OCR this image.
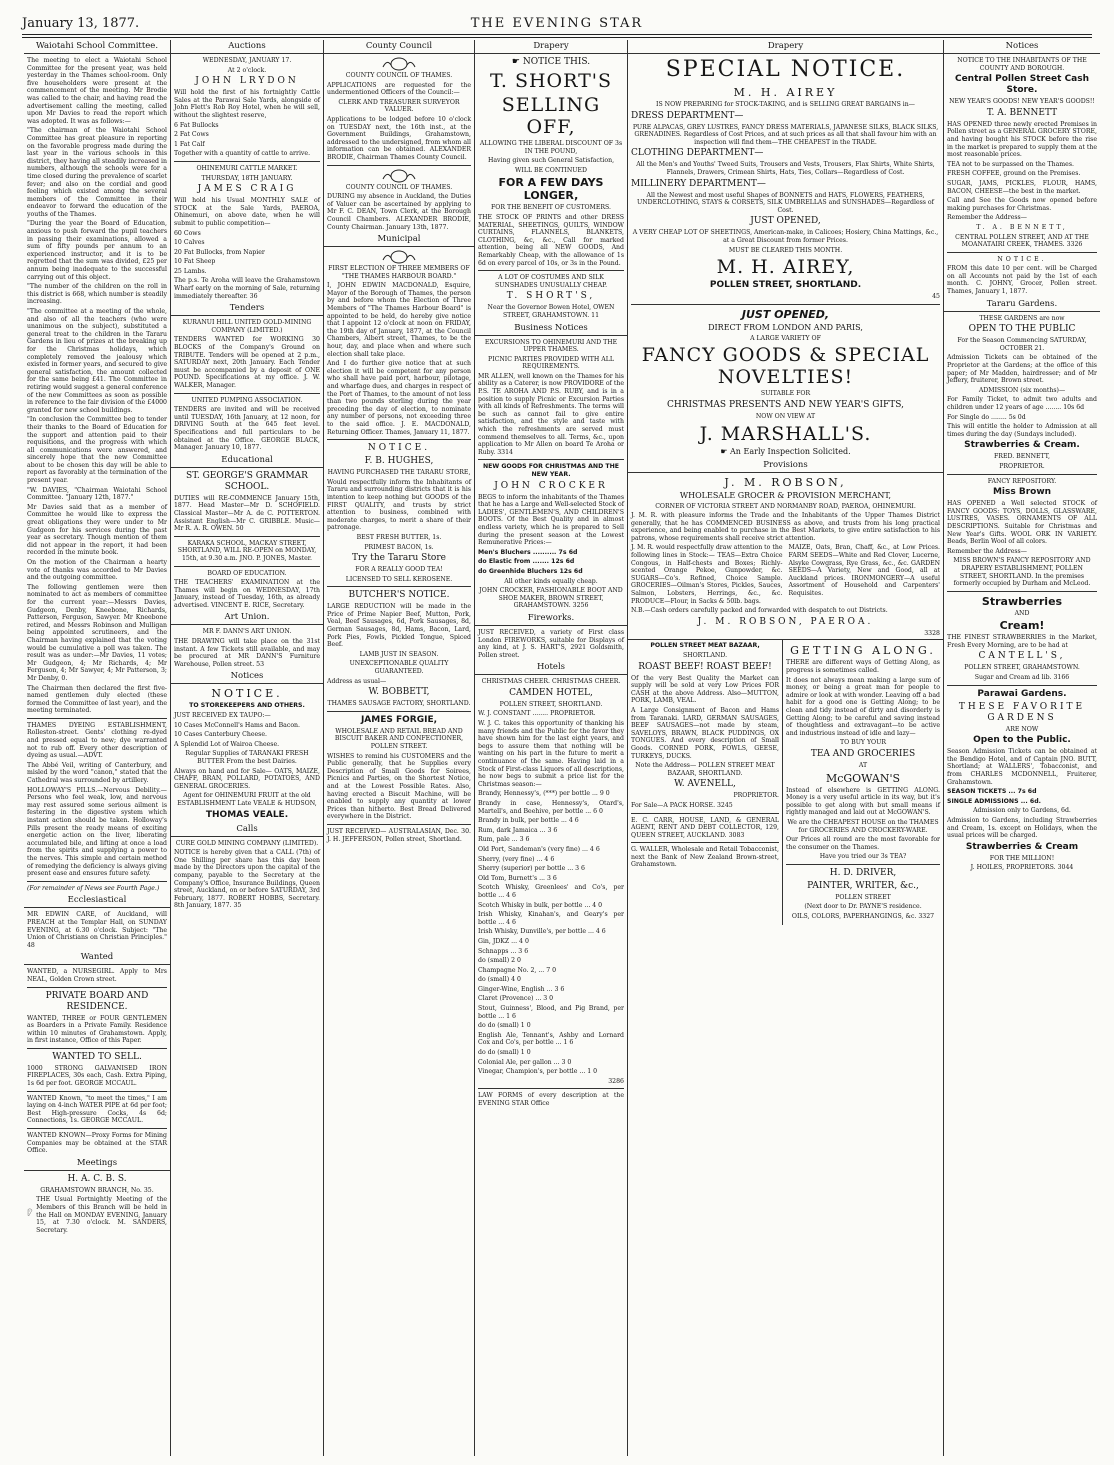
January 13, 1877.	THE EVENING STAR
Waiotahi School Committee.

The meeting to elect a Waiotahi School Committee for the present year, was held yesterday in the Thames school-room. Only five householders were present at the commencement of the meeting. Mr Brodie was called to the chair, and having read the advertisement calling the meeting, called upon Mr Davies to read the report which was adopted. It was as follows:—

"The chairman of the Waiotahi School Committee has great pleasure in reporting on the favorable progress made during the last year in the various schools in this district, they having all steadily increased in numbers, although the schools were for a time closed during the prevalence of scarlet fever; and also on the cordial and good feeling which existed among the several members of the Committee in their endeavor to forward the education of the youths of the Thames.

"During the year the Board of Education, anxious to push forward the pupil teachers in passing their examinations, allowed a sum of fifty pounds per annum to an experienced instructor, and it is to be regretted that the sum was divided, £25 per annum being inadequate to the successful carrying out of this object.

"The number of the children on the roll in this district is 668, which number is steadily increasing.

"The committee at a meeting of the whole, and also of all the teachers (who were unanimous on the subject), substituted a general treat to the children in the Tararu Gardens in lieu of prizes at the breaking up for the Christmas holidays, which completely removed the jealousy which existed in former years, and secured to give general satisfaction, the amount collected for the same being £41. The Committee in retiring would suggest a general conference of the new Committees as soon as possible in reference to the fair division of the £4000 granted for new school buildings.

"In conclusion the Committee beg to tender their thanks to the Board of Education for the support and attention paid to their requisitions, and the progress with which all communications were answered, and sincerely hope that the new Committee about to be chosen this day will be able to report as favorably at the termination of the present year.

"W. DAVIES, "Chairman Waiotahi School Committee. "January 12th, 1877."

Mr Davies said that as a member of Committee he would like to express the great obligations they were under to Mr Gudgeon for his services during the past year as secretary. Though mention of them did not appear in the report, it had been recorded in the minute book.

On the motion of the Chairman a hearty vote of thanks was accorded to Mr Davies and the outgoing committee.

The following gentlemen were then nominated to act as members of committee for the current year:—Messrs Davies, Gudgeon, Denby, Kneebone, Richards, Patterson, Ferguson, Sawyer. Mr Kneebone retired, and Messrs Robinson and Mulligan being appointed scrutineers, and the Chairman having explained that the voting would be cumulative a poll was taken. The result was as under:—Mr Davies, 11 votes; Mr Gudgeon, 4; Mr Richards, 4; Mr Ferguson, 4; Mr Sawyer, 4; Mr Patterson, 3; Mr Denby, 0.

The Chairman then declared the first five-named gentlemen duly elected (these formed the Committee of last year), and the meeting terminated.

THAMES DYEING ESTABLISHMENT, Rolleston-street. Gents' clothing re-dyed and pressed equal to new; dye warranted not to rub off. Every other description of dyeing as usual.—ADVT.

The Abbé Veil, writing of Canterbury, and misled by the word "canon," stated that the Cathedral was surrounded by artillery.

HOLLOWAY'S PILLS.—Nervous Debility.—Persons who feel weak, low, and nervous may rest assured some serious ailment is festering in the digestive system which instant action should be taken. Holloway's Pills present the ready means of exciting energetic action on the liver, liberating accumulated bile, and lifting at once a load from the spirits and supplying a power to the nerves. This simple and certain method of remedying the deficiency is always giving present ease and ensures future safety.

(For remainder of News see Fourth Page.)

Ecclesiastical

MR EDWIN CARE, of Auckland, will PREACH at the Templar Hall, on SUNDAY EVENING, at 6.30 o'clock. Subject: "The Union of Christians on Christian Principles." 48

Wanted

WANTED, a NURSEGIRL. Apply to Mrs NEAL, Golden Crown street.

PRIVATE BOARD AND RESIDENCE.

WANTED, THREE or FOUR GENTLEMEN as Boarders in a Private Family. Residence within 10 minutes of Grahamstown. Apply, in first instance, Office of this Paper.

WANTED TO SELL.

1000 STRONG GALVANISED IRON FIREPLACES, 30s each, Cash. Extra Piping, 1s 6d per foot. GEORGE MCCAUL.

WANTED Known, "to meet the times," I am laying on 4-inch WATER PIPE at 6d per foot; Best High-pressure Cocks, 4s 6d; Connections, 1s. GEORGE MCCAUL.

WANTED KNOWN—Proxy Forms for Mining Companies may be obtained at the STAR Office.

Meetings
H. A. C. B. S.

GRAHAMSTOWN BRANCH, No. 35.

THE Usual Fortnightly Meeting of the Members of this Branch will be held in the Hall on MONDAY EVENING, January 15, at 7.30 o'clock. M. SANDERS, Secretary.

Auctions

WEDNESDAY, JANUARY 17.

At 2 o'clock.

JOHN LRYDON

Will hold the first of his fortnightly Cattle Sales at the Parawai Sale Yards, alongside of John Flett's Rob Roy Hotel, when he will sell, without the slightest reserve,

6 Fat Bullocks

2 Fat Cows

1 Fat Calf

Together with a quantity of cattle to arrive.

OHINEMURI CATTLE MARKET.

THURSDAY, 18TH JANUARY.

JAMES CRAIG

Will hold his Usual MONTHLY SALE of STOCK at the Sale Yards, PAEROA, Ohinemuri, on above date, when he will submit to public competition—

60 Cows

10 Calves

20 Fat Bullocks, from Napier

10 Fat Sheep

25 Lambs.

The p.s. Te Aroha will leave the Grahamstown Wharf early on the morning of Sale, returning immediately thereafter. 36

Tenders

KURANUI HILL UNITED GOLD-MINING COMPANY (LIMITED.)

TENDERS WANTED for WORKING 30 BLOCKS of the Company's Ground on TRIBUTE. Tenders will be opened at 2 p.m., SATURDAY next, 20th January. Each Tender must be accompanied by a deposit of ONE POUND. Specifications at my office. J. W. WALKER, Manager.

UNITED PUMPING ASSOCIATION.

TENDERS are invited and will be received until TUESDAY, 16th January, at 12 noon, for DRIVING South at the 645 feet level. Specifications and full particulars to be obtained at the Office. GEORGE BLACK, Manager. January 10, 1877.

Educational
ST. GEORGE'S GRAMMAR SCHOOL.

DUTIES will RE-COMMENCE January 15th, 1877. Head Master—Mr D. SCHOFIELD. Classical Master—Mr A. de C. POTTERTON. Assistant English—Mr C. GRIBBLE. Music—Mr R. A. R. OWEN. 50

KARAKA SCHOOL, MACKAY STREET, SHORTLAND, WILL RE-OPEN on MONDAY, 15th, at 9.30 a.m. JNO. P. JONES, Master.

BOARD OF EDUCATION.

THE TEACHERS' EXAMINATION at the Thames will begin on WEDNESDAY, 17th January, instead of Tuesday, 16th, as already advertised. VINCENT E. RICE, Secretary.

Art Union.

MR F. DANN'S ART UNION.

THE DRAWING will take place on the 31st instant. A few Tickets still available, and may be procured at MR DANN'S Furniture Warehouse, Pollen street. 53

Notices
NOTICE.

TO STOREKEEPERS AND OTHERS.

JUST RECEIVED EX TAUPO:—

10 Cases McConnell's Hams and Bacon.

10 Cases Canterbury Cheese.

A Splendid Lot of Wairoa Cheese.

Regular Supplies of TARANAKI FRESH BUTTER From the best Dairies.

Always on hand and for Sale— OATS, MAIZE, CHAFF, BRAN, POLLARD, POTATOES, AND GENERAL GROCERIES.

Agent for OHINEMURI FRUIT at the old ESTABLISHMENT Late VEALE & HUDSON,

THOMAS VEALE.
Calls

CURE GOLD MINING COMPANY (LIMITED).

NOTICE is hereby given that a CALL (7th) of One Shilling per share has this day been made by the Directors upon the capital of the company, payable to the Secretary at the Company's Office, Insurance Buildings, Queen street, Auckland, on or before SATURDAY, 3rd February, 1877. ROBERT HOBBS, Secretary. 8th January, 1877. 35

County Council

COUNTY COUNCIL OF THAMES.

APPLICATIONS are requested for the undermentioned Officers of the Council:—

CLERK AND TREASURER SURVEYOR VALUER.

Applications to be lodged before 10 o'clock on TUESDAY next, the 16th inst., at the Government Buildings, Grahamstown, addressed to the undersigned, from whom all information can be obtained. ALEXANDER BRODIE, Chairman Thames County Council.

COUNTY COUNCIL OF THAMES.

DURING my absence in Auckland, the Duties of Valuer can be ascertained by applying to Mr F. C. DEAN, Town Clerk, at the Borough Council Chambers. ALEXANDER BRODIE, County Chairman. January 13th, 1877.

Municipal

FIRST ELECTION OF THREE MEMBERS OF "THE THAMES HARBOUR BOARD."

I, JOHN EDWIN MACDONALD, Esquire, Mayor of the Borough of Thames, the person by and before whom the Election of Three Members of "The Thames Harbour Board" is appointed to be held, do hereby give notice that I appoint 12 o'clock at noon on FRIDAY, the 19th day of January, 1877, at the Council Chambers, Albert street, Thames, to be the hour, day, and place when and where such election shall take place.

And I do further give notice that at such election it will be competent for any person who shall have paid port, harbour, pilotage, and wharfage dues, and charges in respect of the Port of Thames, to the amount of not less than two pounds sterling during the year preceding the day of election, to nominate any number of persons, not exceeding three to the said office. J. E. MACDONALD, Returning Officer. Thames, January 11, 1877.

NOTICE.
F. B. HUGHES,

HAVING PURCHASED THE TARARU STORE,

Would respectfully inform the Inhabitants of Tararu and surrounding districts that it is his intention to keep nothing but GOODS of the FIRST QUALITY, and trusts by strict attention to business, combined with moderate charges, to merit a share of their patronage.

BEST FRESH BUTTER, 1s.

PRIMEST BACON, 1s.

Try the Tararu Store

FOR A REALLY GOOD TEA!

LICENSED TO SELL KEROSENE.

BUTCHER'S NOTICE.

LARGE REDUCTION will be made in the Price of Prime Napier Beef, Mutton, Pork, Veal, Beef Sausages, 6d, Pork Sausages, 8d, German Sausages, 8d, Hams, Bacon, Lard, Pork Pies, Fowls, Pickled Tongue, Spiced Beef.

LAMB JUST IN SEASON.

UNEXCEPTIONABLE QUALITY GUARANTEED.

Address as usual—

W. BOBBETT,

THAMES SAUSAGE FACTORY, SHORTLAND.

JAMES FORGIE,

WHOLESALE AND RETAIL BREAD AND BISCUIT BAKER AND CONFECTIONER, POLLEN STREET.

WISHES to remind his CUSTOMERS and the Public generally, that he Supplies every Description of Small Goods for Soirees, Picnics and Parties, on the Shortest Notice, and at the Lowest Possible Rates. Also, having erected a Biscuit Machine, will be enabled to supply any quantity at lower Prices than hitherto. Best Bread Delivered everywhere in the District.

JUST RECEIVED— AUSTRALASIAN, Dec. 30. J. H. JEFFERSON, Pollen street, Shortland.

Drapery
☛ NOTICE THIS.
T. SHORT'S
SELLING OFF,

ALLOWING THE LIBERAL DISCOUNT OF 3s IN THE POUND,

Having given such General Satisfaction,

WILL BE CONTINUED

FOR A FEW DAYS LONGER,

FOR THE BENEFIT OF CUSTOMERS.

THE STOCK OF PRINTS and other DRESS MATERIAL, SHEETINGS, QUILTS, WINDOW CURTAINS, FLANNELS, BLANKETS, CLOTHING, &c, &c., Call for marked attention, being all NEW GOODS, And Remarkably Cheap, with the allowance of 1s 6d on every parcel of 10s, or 3s in the Pound.

A LOT OF COSTUMES AND SILK SUNSHADES UNUSUALLY CHEAP.

T. SHORT'S,

Near the Governor Bowen Hotel, OWEN STREET, GRAHAMSTOWN. 11

Business Notices

EXCURSIONS TO OHINEMURI AND THE UPPER THAMES.

PICNIC PARTIES PROVIDED WITH ALL REQUIREMENTS.

MR ALLEN, well known on the Thames for his ability as a Caterer, is now PROVIDORE of the P.S. TE AROHA AND P.S. RUBY, and is in a position to supply Picnic or Excursion Parties with all kinds of Refreshments. The terms will be such as cannot fail to give entire satisfaction, and the style and taste with which the refreshments are served must commend themselves to all. Terms, &c., upon application to Mr Allen on board Te Aroha or Ruby. 3314

NEW GOODS FOR CHRISTMAS AND THE NEW YEAR.

JOHN CROCKER

BEGS to inform the inhabitants of the Thames that he has a Large and Well-selected Stock of LADIES', GENTLEMEN'S, AND CHILDREN'S BOOTS. Of the Best Quality and in almost endless variety, which he is prepared to Sell during the present season at the Lowest Remunerative Prices:—

Men's Bluchers .......... 7s 6d

do Elastic from ....... 12s 6d

do Greenhide Bluchers 12s 6d

All other kinds equally cheap.

JOHN CROCKER, FASHIONABLE BOOT AND SHOE MAKER, BROWN STREET, GRAHAMSTOWN. 3256

Fireworks.

JUST RECEIVED, a variety of First class London FIREWORKS, suitable for Displays of any kind, at J. S. HART'S, 2921 Goldsmith, Pollen street.

Hotels

CHRISTMAS CHEER. CHRISTMAS CHEER.

CAMDEN HOTEL,

POLLEN STREET, SHORTLAND.

W. J. CONSTANT ........ PROPRIETOR.

W. J. C. takes this opportunity of thanking his many friends and the Public for the favor they have shown him for the last eight years, and begs to assure them that nothing will be wanting on his part in the future to merit a continuance of the same. Having laid in a Stock of First-class Liquors of all descriptions, he now begs to submit a price list for the Christmas season:—

Brandy, Hennessy's, (***) per bottle ... 9 0

Brandy in case, Hennessy's, Otard's, Martell's, and Beehive, per bottle ... 6 0

Brandy in bulk, per bottle ... 4 6

Rum, dark Jamaica ... 3 6

Rum, pale ... 3 6

Old Port, Sandeman's (very fine) ... 4 6

Sherry, (very fine) ... 4 6

Sherry (superior) per bottle ... 3 6

Old Tom, Burnett's ... 3 6

Scotch Whisky, Greenlees' and Co's, per bottle ... 4 6

Scotch Whisky in bulk, per bottle ... 4 0

Irish Whisky, Kinahan's, and Geary's per bottle ... 4 6

Irish Whisky, Dunville's, per bottle ... 4 6

Gin, JDKZ ... 4 0

Schnapps ... 3 6

do (small) 2 0

Champagne No. 2, ... 7 0

do (small) 4 0

Ginger-Wine, English ... 3 6

Claret (Provence) ... 3 0

Stout, Guinness', Blood, and Pig Brand, per bottle ... 1 6

do do (small) 1 0

English Ale, Tennant's, Ashby and Lornard Cox and Co's, per bottle ... 1 6

do do (small) 1 0

Colonial Ale, per gallon ... 3 0

Vinegar, Champion's, per bottle ... 1 0

3286

LAW FORMS of every description at the EVENING STAR Office

Drapery
SPECIAL NOTICE.
M. H. AIREY

IS NOW PREPARING for STOCK-TAKING, and is SELLING GREAT BARGAINS in—

DRESS DEPARTMENT—

PURE ALPACAS, GREY LUSTRES, FANCY DRESS MATERIALS, JAPANESE SILKS, BLACK SILKS, GRENADINES. Regardless of Cost Prices, and at such prices as all that shall favour him with an inspection will find them—THE CHEAPEST in the TRADE.

CLOTHING DEPARTMENT—

All the Men's and Youths' Tweed Suits, Trousers and Vests, Trousers, Flax Shirts, White Shirts, Flannels, Drawers, Crimean Shirts, Hats, Ties, Collars—Regardless of Cost.

MILLINERY DEPARTMENT—

All the Newest and most useful Shapes of BONNETS and HATS, FLOWERS, FEATHERS, UNDERCLOTHING, STAYS & CORSETS, SILK UMBRELLAS and SUNSHADES—Regardless of Cost.

JUST OPENED,

A VERY CHEAP LOT OF SHEETINGS, American-make, in Calicoes; Hosiery, China Mattings, &c., at a Great Discount from former Prices.

MUST BE CLEARED THIS MONTH.

M. H. AIREY,
POLLEN STREET, SHORTLAND.

45

JUST OPENED,

DIRECT FROM LONDON AND PARIS,

A LARGE VARIETY OF

FANCY GOODS & SPECIAL NOVELTIES!

SUITABLE FOR

CHRISTMAS PRESENTS AND NEW YEAR'S GIFTS,

NOW ON VIEW AT

J. MARSHALL'S.

☛ An Early Inspection Solicited.

Provisions
J. M. ROBSON,

WHOLESALE GROCER & PROVISION MERCHANT,

CORNER OF VICTORIA STREET AND NORMANBY ROAD, PAEROA, OHINEMURI.

J. M. R. with pleasure informs the Trade and the Inhabitants of the Upper Thames District generally, that he has COMMENCED BUSINESS as above, and trusts from his long practical experience, and being enabled to purchase in the Best Markets, to give entire satisfaction to his patrons, whose requirements shall receive strict attention.

J. M. R. would respectfully draw attention to the following lines in Stock:— TEAS—Extra Choice Congous, in Half-chests and Boxes; Richly-scented Orange Pekoe, Gunpowder, &c. SUGARS—Co's. Refined, Choice Sample. GROCERIES—Oilman's Stores, Pickles, Sauces, Salmon, Lobsters, Herrings, &c., &c. PRODUCE—Flour, in Sacks & 50lb. bags.

MAIZE, Oats, Bran, Chaff, &c., at Low Prices. FARM SEEDS—White and Red Clover, Lucerne, Alsyke Cowgrass, Rye Grass, &c., &c. GARDEN SEEDS—A Variety, New and Good, all at Auckland prices. IRONMONGERY—A useful Assortment of Household and Carpenters' Requisites.

N.B.—Cash orders carefully packed and forwarded with despatch to out Districts.

J. M. ROBSON, PAEROA.

3328

POLLEN STREET MEAT BAZAAR,

SHORTLAND.

ROAST BEEF! ROAST BEEF!

Of the very Best Quality the Market can supply will be sold at very Low Prices FOR CASH at the above Address. Also—MUTTON, PORK, LAMB, VEAL.

A Large Consignment of Bacon and Hams from Taranaki. LARD, GERMAN SAUSAGES, BEEF SAUSAGES—not made by steam, SAVELOYS, BRAWN, BLACK PUDDINGS, OX TONGUES. And every description of Small Goods. CORNED PORK, FOWLS, GEESE, TURKEYS, DUCKS.

Note the Address— POLLEN STREET MEAT BAZAAR, SHORTLAND.

W. AVENELL,

PROPRIETOR.

For Sale—A PACK HORSE. 3245

E. C. CARR, HOUSE, LAND, & GENERAL AGENT, RENT AND DEBT COLLECTOR, 129, QUEEN STREET, AUCKLAND. 3083

G. WALLER, Wholesale and Retail Tobacconist, next the Bank of New Zealand Brown-street, Grahamstown.

GETTING ALONG.

THERE are different ways of Getting Along, as progress is sometimes called.

It does not always mean making a large sum of money, or being a great man for people to admire or look at with wonder. Leaving off a bad habit for a good one is Getting Along; to be clean and tidy instead of dirty and disorderly is Getting Along; to be careful and saving instead of thoughtless and extravagant—to be active and industrious instead of idle and lazy—

TO BUY YOUR

TEA AND GROCERIES

AT

McGOWAN'S

Instead of elsewhere is GETTING ALONG. Money is a very useful article in its way, but it's possible to get along with but small means if rightly managed and laid out at McGOWAN'S.

We are the CHEAPEST HOUSE on the THAMES for GROCERIES AND CROCKERY-WARE.

Our Prices all round are the most favorable for the consumer on the Thames.

Have you tried our 3s TEA?

H. D. DRIVER,
PAINTER, WRITER, &c.,

POLLEN STREET

(Next door to Dr. PAYNE'S residence.

OILS, COLORS, PAPERHANGINGS, &c. 3327

Notices

NOTICE TO THE INHABITANTS OF THE COUNTY AND BOROUGH.

Central Pollen Street Cash Store.

NEW YEAR'S GOODS! NEW YEAR'S GOODS!!

T. A. BENNETT

HAS OPENED three newly erected Premises in Pollen street as a GENERAL GROCERY STORE, and having bought his STOCK before the rise in the market is prepared to supply them at the most reasonable prices.

TEA not to be surpassed on the Thames.

FRESH COFFEE, ground on the Premises.

SUGAR, JAMS, PICKLES, FLOUR, HAMS, BACON, CHEESE—the best in the market.

Call and See the Goods now opened before making purchases for Christmas.

Remember the Address—

T. A. BENNETT,

CENTRAL POLLEN STREET, AND AT THE MOANATAIRI CREEK, THAMES. 3326

NOTICE.

FROM this date 10 per cent. will be Charged on all Accounts not paid by the 1st of each month. C. JOHNY, Grocer, Pollen street. Thames, January 1, 1877.

Tararu Gardens.

THESE GARDENS are now

OPEN TO THE PUBLIC

For the Season Commencing SATURDAY, OCTOBER 21.

Admission Tickets can be obtained of the Proprietor at the Gardens; at the office of this paper; of Mr Madden, hairdresser; and of Mr Jeffery, fruiterer, Brown street.

ADMISSION (six months)—

For Family Ticket, to admit two adults and children under 12 years of age ........ 10s 6d

For Single do ........ 5s 0d

This will entitle the holder to Admission at all times during the day (Sundays included).

Strawberries & Cream.

FRED. BENNETT,

PROPRIETOR.

FANCY REPOSITORY.

Miss Brown

HAS OPENED a Well selected STOCK of FANCY GOODS: TOYS, DOLLS, GLASSWARE, LUSTRES, VASES. ORNAMENTS OF ALL DESCRIPTIONS. Suitable for Christmas and New Year's Gifts. WOOL ORK IN VARIETY. Beads, Berlin Wool of all colors.

Remember the Address—

MISS BROWN'S FANCY REPOSITORY AND DRAPERY ESTABLISHMENT, POLLEN STREET, SHORTLAND. In the premises formerly occupied by Durham and McLeod.

Strawberries

AND

Cream!

THE FINEST STRAWBERRIES in the Market, Fresh Every Morning, are to be had at

CANTELL'S,

POLLEN STREET, GRAHAMSTOWN.

Sugar and Cream ad lib. 3166

Parawai Gardens.
THESE FAVORITE GARDENS

ARE NOW

Open to the Public.

Season Admission Tickets can be obtained at the Bendigo Hotel, and of Captain JNO. BUTT, Shortland; at WALLERS', Tobacconist, and from CHARLES MCDONNELL, Fruiterer, Grahamstown.

SEASON TICKETS ... 7s 6d

SINGLE ADMISSIONS ... 6d.

Admission only to Gardens, 6d.

Admission to Gardens, including Strawberries and Cream, 1s. except on Holidays, when the usual prices will be charged.

Strawberries & Cream

FOR THE MILLION!

J. HOILES, PROPRIETORS. 3044
